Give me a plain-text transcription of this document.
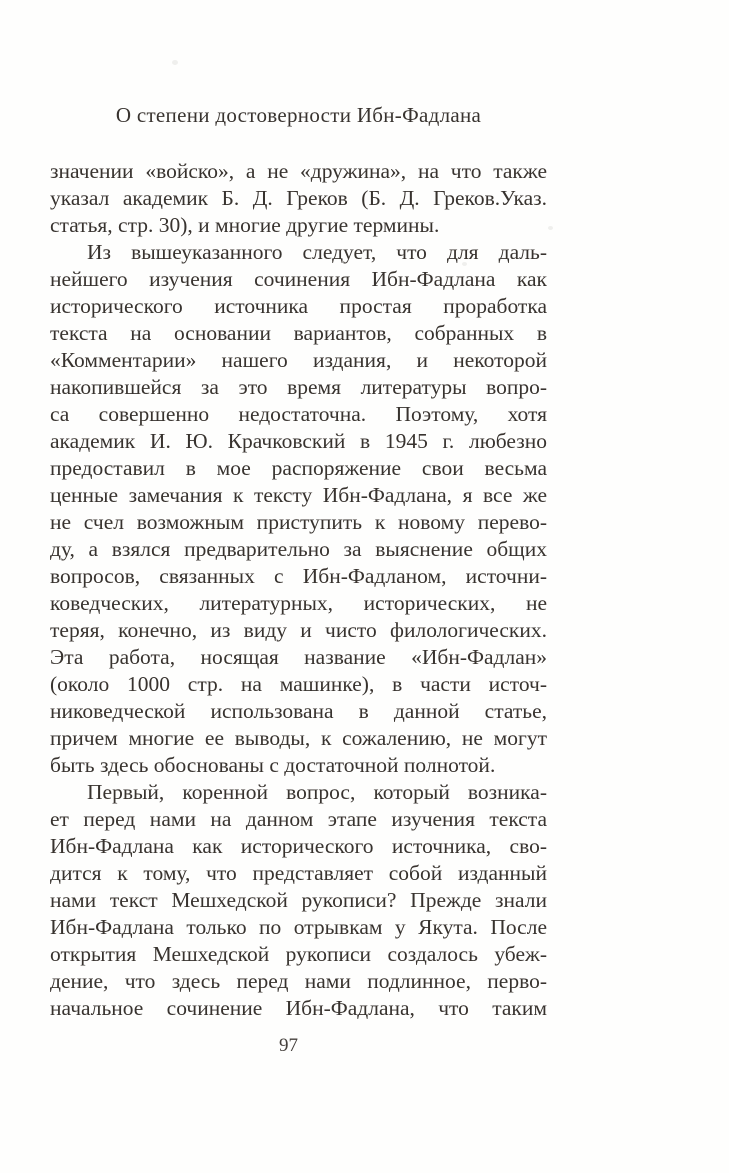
О степени достоверности Ибн-Фадлана
значении «войско», а не «дружина», на что также
указал академик Б. Д. Греков (Б. Д. Греков.Указ.
статья, стр. 30), и многие другие термины.
Из вышеуказанного следует, что для даль-
нейшего изучения сочинения Ибн-Фадлана как
исторического источника простая проработка
текста на основании вариантов, собранных в
«Комментарии» нашего издания, и некоторой
накопившейся за это время литературы вопро-
са совершенно недостаточна. Поэтому, хотя
академик И. Ю. Крачковский в 1945 г. любезно
предоставил в мое распоряжение свои весьма
ценные замечания к тексту Ибн-Фадлана, я все же
не счел возможным приступить к новому перево-
ду, а взялся предварительно за выяснение общих
вопросов, связанных с Ибн-Фадланом, источни-
коведческих, литературных, исторических, не
теряя, конечно, из виду и чисто филологических.
Эта работа, носящая название «Ибн-Фадлан»
(около 1000 стр. на машинке), в части источ-
никоведческой использована в данной статье,
причем многие ее выводы, к сожалению, не могут
быть здесь обоснованы с достаточной полнотой.
Первый, коренной вопрос, который возника-
ет перед нами на данном этапе изучения текста
Ибн-Фадлана как исторического источника, сво-
дится к тому, что представляет собой изданный
нами текст Мешхедской рукописи? Прежде знали
Ибн-Фадлана только по отрывкам у Якута. После
открытия Мешхедской рукописи создалось убеж-
дение, что здесь перед нами подлинное, перво-
начальное сочинение Ибн-Фадлана, что таким
97
